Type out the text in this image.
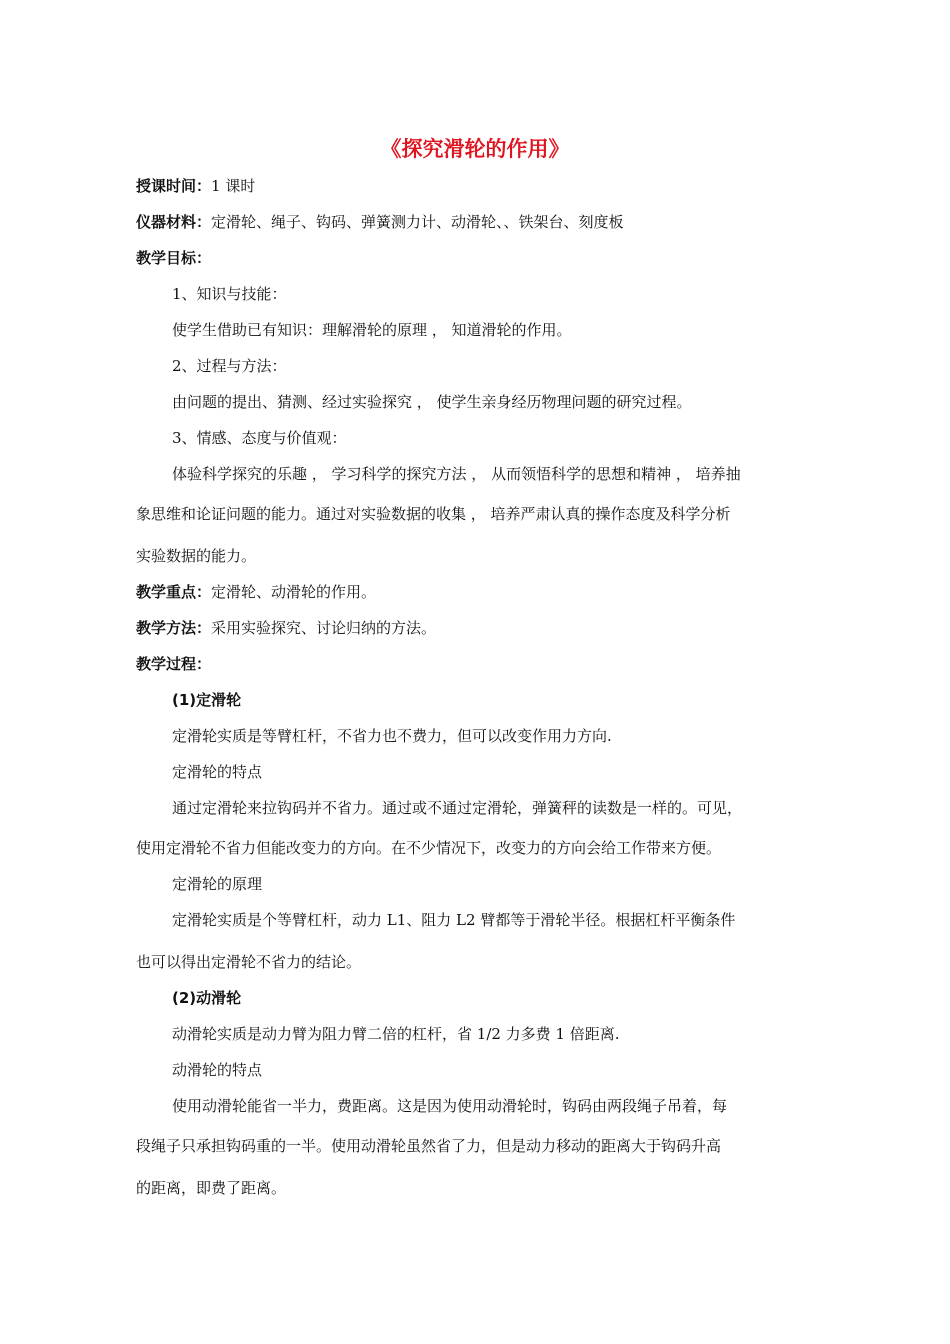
《探究滑轮的作用》
授课时间：1 课时
仪器材料：定滑轮、绳子、钩码、弹簧测力计、动滑轮、、铁架台、刻度板
教学目标：
1、知识与技能：
使学生借助已有知识：理解滑轮的原理 ， 知道滑轮的作用。
2、过程与方法：
由问题的提出、猜测、经过实验探究 ， 使学生亲身经历物理问题的研究过程。
3、情感、态度与价值观：
体验科学探究的乐趣 ， 学习科学的探究方法 ， 从而领悟科学的思想和精神 ， 培养抽
象思维和论证问题的能力。通过对实验数据的收集 ， 培养严肃认真的操作态度及科学分析
实验数据的能力。
教学重点：定滑轮、动滑轮的作用。
教学方法：采用实验探究、讨论归纳的方法。
教学过程：
(1)定滑轮
定滑轮实质是等臂杠杆，不省力也不费力，但可以改变作用力方向.
定滑轮的特点
通过定滑轮来拉钩码并不省力。通过或不通过定滑轮，弹簧秤的读数是一样的。可见，
使用定滑轮不省力但能改变力的方向。在不少情况下，改变力的方向会给工作带来方便。
定滑轮的原理
定滑轮实质是个等臂杠杆，动力 L1、阻力 L2 臂都等于滑轮半径。根据杠杆平衡条件
也可以得出定滑轮不省力的结论。
(2)动滑轮
动滑轮实质是动力臂为阻力臂二倍的杠杆，省 1/2 力多费 1 倍距离.
动滑轮的特点
使用动滑轮能省一半力，费距离。这是因为使用动滑轮时，钩码由两段绳子吊着，每
段绳子只承担钩码重的一半。使用动滑轮虽然省了力，但是动力移动的距离大于钩码升高
的距离，即费了距离。
